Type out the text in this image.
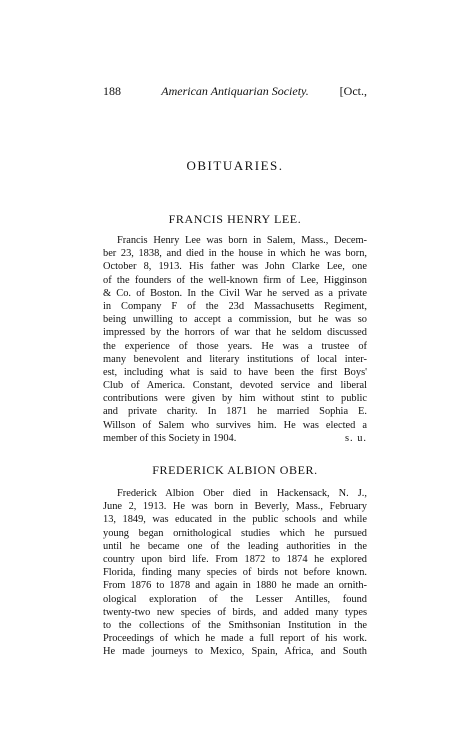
188	American Antiquarian Society.	[Oct.,
OBITUARIES.
FRANCIS HENRY LEE.
Francis Henry Lee was born in Salem, Mass., Decem-
ber 23, 1838, and died in the house in which he was born,
October 8, 1913. His father was John Clarke Lee, one
of the founders of the well-known firm of Lee, Higginson
& Co. of Boston. In the Civil War he served as a private
in Company F of the 23d Massachusetts Regiment,
being unwilling to accept a commission, but he was so
impressed by the horrors of war that he seldom discussed
the experience of those years. He was a trustee of
many benevolent and literary institutions of local inter-
est, including what is said to have been the first Boys'
Club of America. Constant, devoted service and liberal
contributions were given by him without stint to public
and private charity. In 1871 he married Sophia E.
Willson of Salem who survives him. He was elected a
member of this Society in 1904.	s. u.
FREDERICK ALBION OBER.
Frederick Albion Ober died in Hackensack, N. J.,
June 2, 1913. He was born in Beverly, Mass., February
13, 1849, was educated in the public schools and while
young began ornithological studies which he pursued
until he became one of the leading authorities in the
country upon bird life. From 1872 to 1874 he explored
Florida, finding many species of birds not before known.
From 1876 to 1878 and again in 1880 he made an ornith-
ological exploration of the Lesser Antilles, found
twenty-two new species of birds, and added many types
to the collections of the Smithsonian Institution in the
Proceedings of which he made a full report of his work.
He made journeys to Mexico, Spain, Africa, and South
